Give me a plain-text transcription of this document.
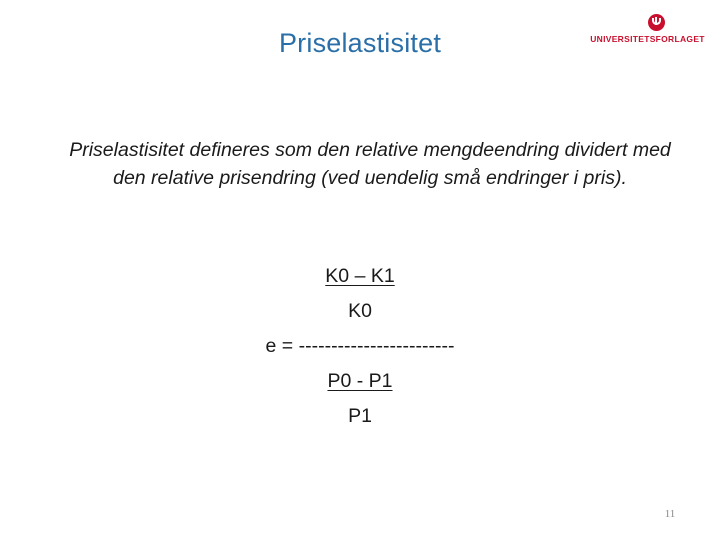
Priselastisitet	UNIVERSITETSFORLAGET
Priselastisitet defineres som den relative mengdeendring dividert med den relative prisendring (ved uendelig små endringer i pris).
K0 – K1
K0
e = ------------------------
P0 - P1
P1
11
